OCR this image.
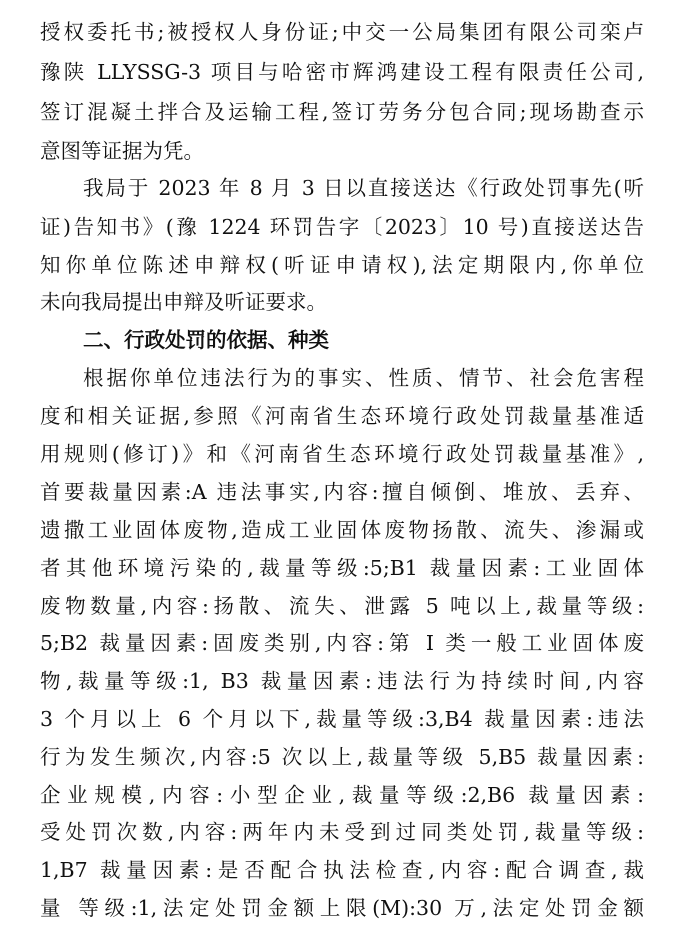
授权委托书;被授权人身份证;中交一公局集团有限公司栾卢
豫陕 LLYSSG-3 项目与哈密市辉鸿建设工程有限责任公司,
签订混凝土拌合及运输工程,签订劳务分包合同;现场勘查示
意图等证据为凭。
我局于 2023 年 8 月 3 日以直接送达《行政处罚事先(听
证)告知书》(豫 1224 环罚告字〔2023〕10 号)直接送达告
知你单位陈述申辩权(听证申请权),法定期限内,你单位
未向我局提出申辩及听证要求。
二、行政处罚的依据、种类
根据你单位违法行为的事实、性质、情节、社会危害程
度和相关证据,参照《河南省生态环境行政处罚裁量基准适
用规则(修订)》和《河南省生态环境行政处罚裁量基准》,
首要裁量因素:A 违法事实,内容:擅自倾倒、堆放、丢弃、
遗撒工业固体废物,造成工业固体废物扬散、流失、渗漏或
者其他环境污染的,裁量等级:5;B1 裁量因素:工业固体
废物数量,内容:扬散、流失、泄露 5 吨以上,裁量等级:
5;B2 裁量因素:固废类别,内容:第 I 类一般工业固体废
物,裁量等级:1, B3 裁量因素:违法行为持续时间,内容
3 个月以上 6 个月以下,裁量等级:3,B4 裁量因素:违法
行为发生频次,内容:5 次以上,裁量等级 5,B5 裁量因素:
企业规模,内容:小型企业,裁量等级:2,B6 裁量因素:
受处罚次数,内容:两年内未受到过同类处罚,裁量等级:
1,B7 裁量因素:是否配合执法检查,内容:配合调查,裁
量 等级:1,法定处罚金额上限(M):30 万,法定处罚金额
